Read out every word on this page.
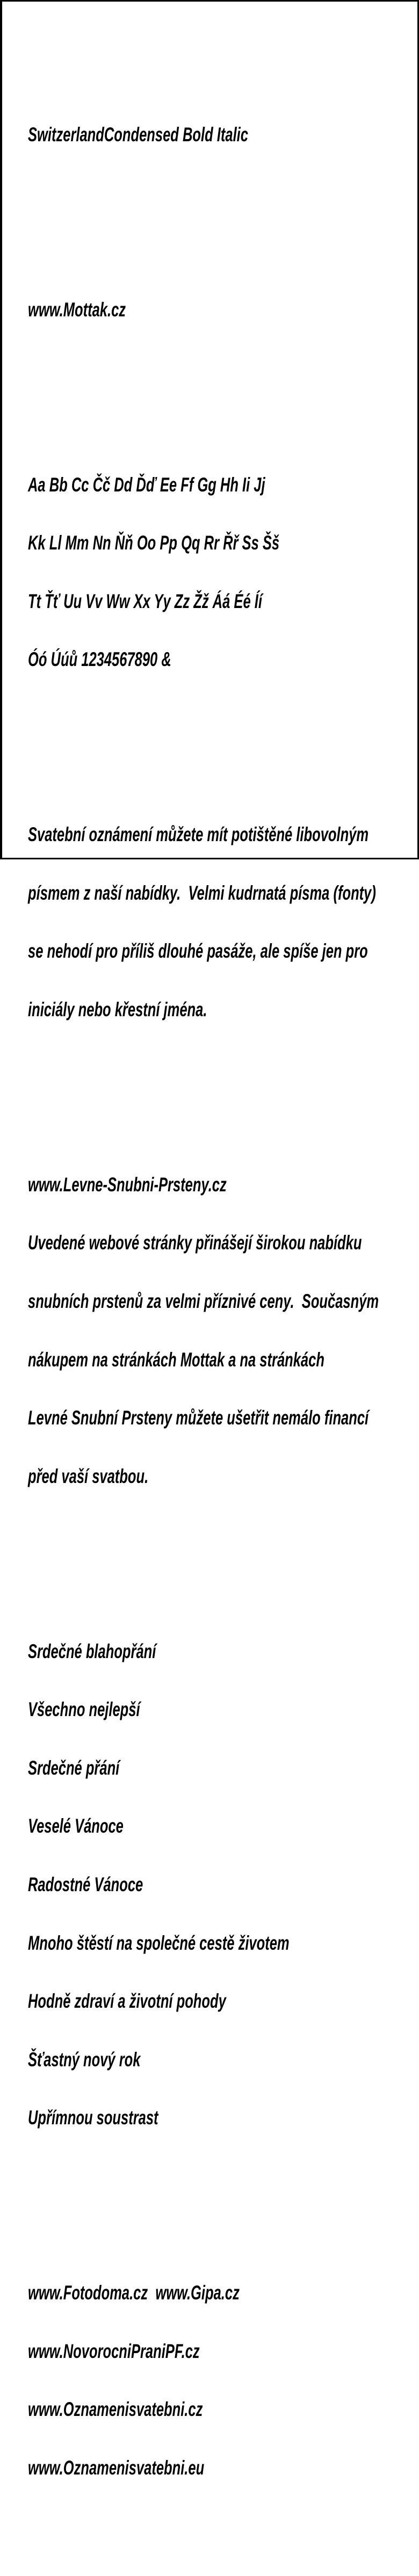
SwitzerlandCondensed Bold Italic

www.Mottak.cz

Aa Bb Cc Čč Dd Ďď Ee Ff Gg Hh Ii Jj

Kk Ll Mm Nn Ňň Oo Pp Qq Rr Řř Ss Šš

Tt Ťť Uu Vv Ww Xx Yy Zz Žž Áá Éé Íí

Óó Úúů 1234567890 &

Svatební oznámení můžete mít potištěné libovolným

písmem z naší nabídky.  Velmi kudrnatá písma (fonty)

se nehodí pro příliš dlouhé pasáže, ale spíše jen pro

iniciály nebo křestní jména.

www.Levne-Snubni-Prsteny.cz

Uvedené webové stránky přinášejí širokou nabídku

snubních prstenů za velmi příznivé ceny.  Současným

nákupem na stránkách Mottak a na stránkách

Levné Snubní Prsteny můžete ušetřit nemálo financí

před vaší svatbou.

Srdečné blahopřání

Všechno nejlepší

Srdečné přání

Veselé Vánoce

Radostné Vánoce

Mnoho štěstí na společné cestě životem

Hodně zdraví a životní pohody

Šťastný nový rok

Upřímnou soustrast

www.Fotodoma.cz  www.Gipa.cz

www.NovorocniPraniPF.cz

www.Oznamenisvatebni.cz

www.Oznamenisvatebni.eu
